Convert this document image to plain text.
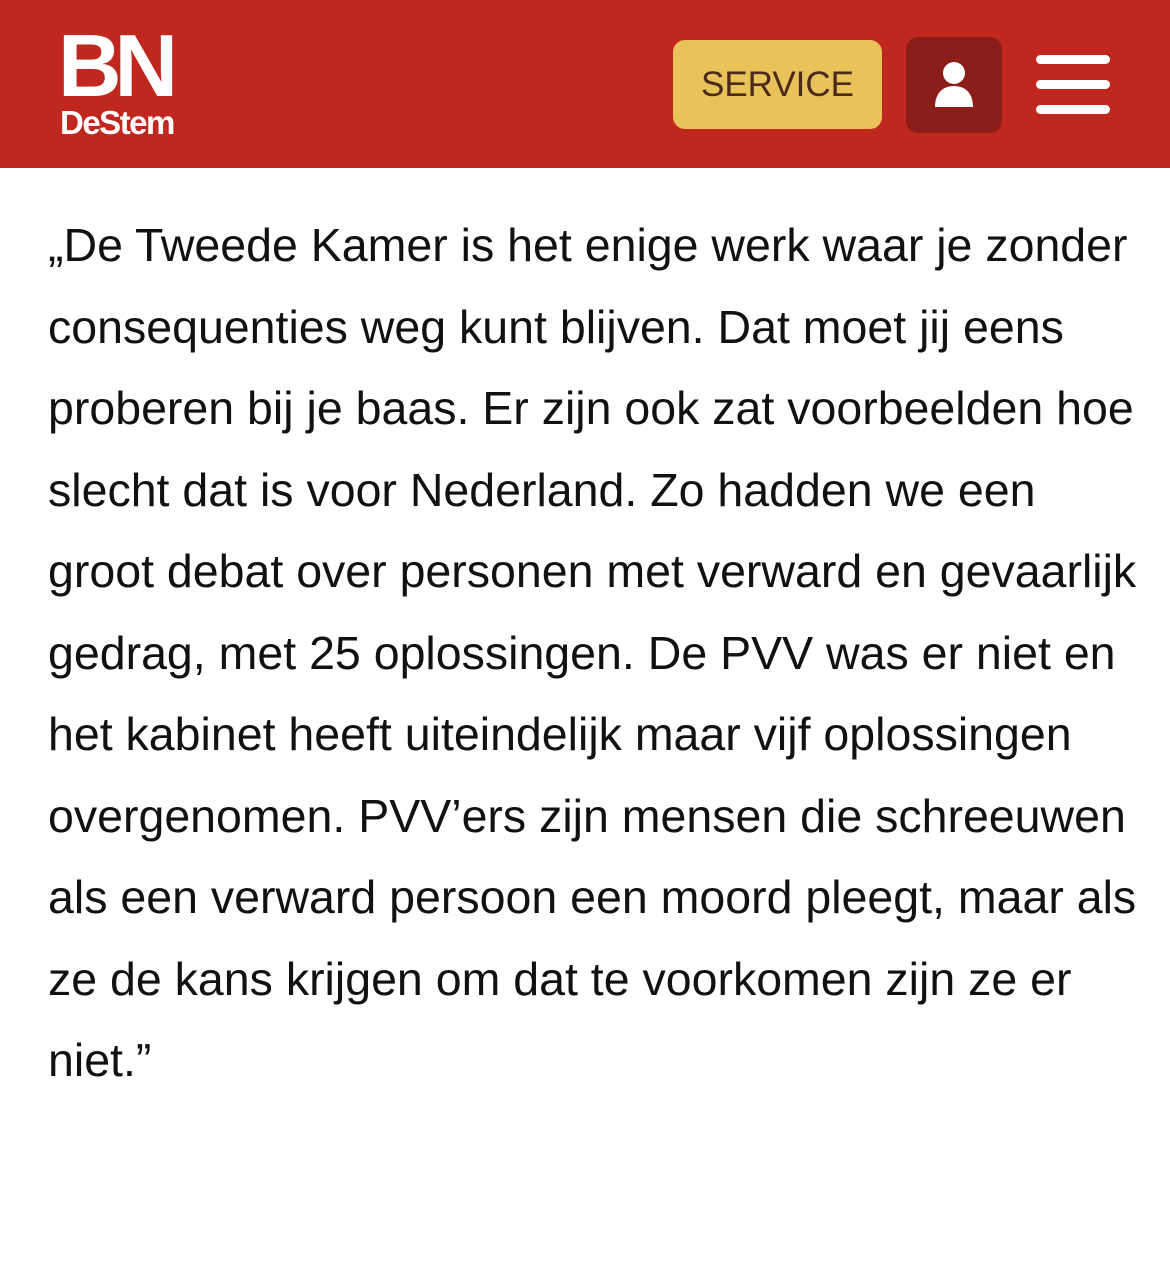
BN
DeStem
SERVICE

„De Tweede Kamer is het enige werk waar je zonder consequenties weg kunt blijven. Dat moet jij eens proberen bij je baas. Er zijn ook zat voorbeelden hoe slecht dat is voor Nederland. Zo hadden we een groot debat over personen met verward en gevaarlijk gedrag, met 25 oplossingen. De PVV was er niet en het kabinet heeft uiteindelijk maar vijf oplossingen overgenomen. PVV’ers zijn mensen die schreeuwen als een verward persoon een moord pleegt, maar als ze de kans krijgen om dat te voorkomen zijn ze er niet.”
